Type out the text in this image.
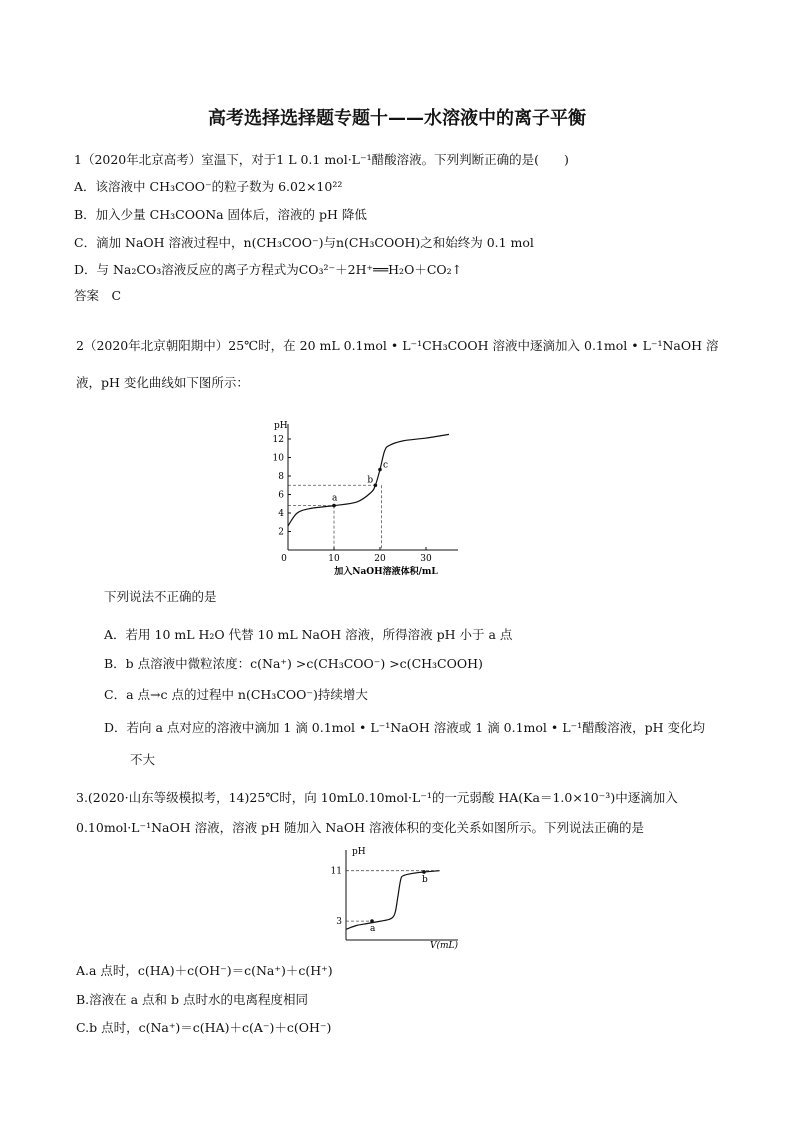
高考选择选择题专题十——水溶液中的离子平衡
1（2020年北京高考）室温下，对于1 L 0.1 mol·L⁻¹醋酸溶液。下列判断正确的是(　　)
A．该溶液中 CH₃COO⁻的粒子数为 6.02×10²²
B．加入少量 CH₃COONa 固体后，溶液的 pH 降低
C．滴加 NaOH 溶液过程中，n(CH₃COO⁻)与n(CH₃COOH)之和始终为 0.1 mol
D．与 Na₂CO₃溶液反应的离子方程式为CO₃²⁻＋2H⁺══H₂O＋CO₂↑
答案　C
2（2020年北京朝阳期中）25℃时，在 20 mL 0.1mol • L⁻¹CH₃COOH 溶液中逐滴加入 0.1mol • L⁻¹NaOH 溶
液，pH 变化曲线如下图所示：
2
4
6
8
10
12
0	10	20	30
a
b
c
pH
加入NaOH溶液体积/mL
下列说法不正确的是
A．若用 10 mL H₂O 代替 10 mL NaOH 溶液，所得溶液 pH 小于 a 点
B．b 点溶液中微粒浓度：c(Na⁺) >c(CH₃COO⁻) >c(CH₃COOH)
C．a 点→c 点的过程中 n(CH₃COO⁻)持续增大
D．若向 a 点对应的溶液中滴加 1 滴 0.1mol • L⁻¹NaOH 溶液或 1 滴 0.1mol • L⁻¹醋酸溶液，pH 变化均
不大
3.(2020·山东等级模拟考，14)25℃时，向 10mL0.10mol·L⁻¹的一元弱酸 HA(Ka＝1.0×10⁻³)中逐滴加入
0.10mol·L⁻¹NaOH 溶液，溶液 pH 随加入 NaOH 溶液体积的变化关系如图所示。下列说法正确的是
3
11
a
b
pH
V(mL)
A.a 点时，c(HA)＋c(OH⁻)＝c(Na⁺)＋c(H⁺)
B.溶液在 a 点和 b 点时水的电离程度相同
C.b 点时，c(Na⁺)＝c(HA)＋c(A⁻)＋c(OH⁻)
